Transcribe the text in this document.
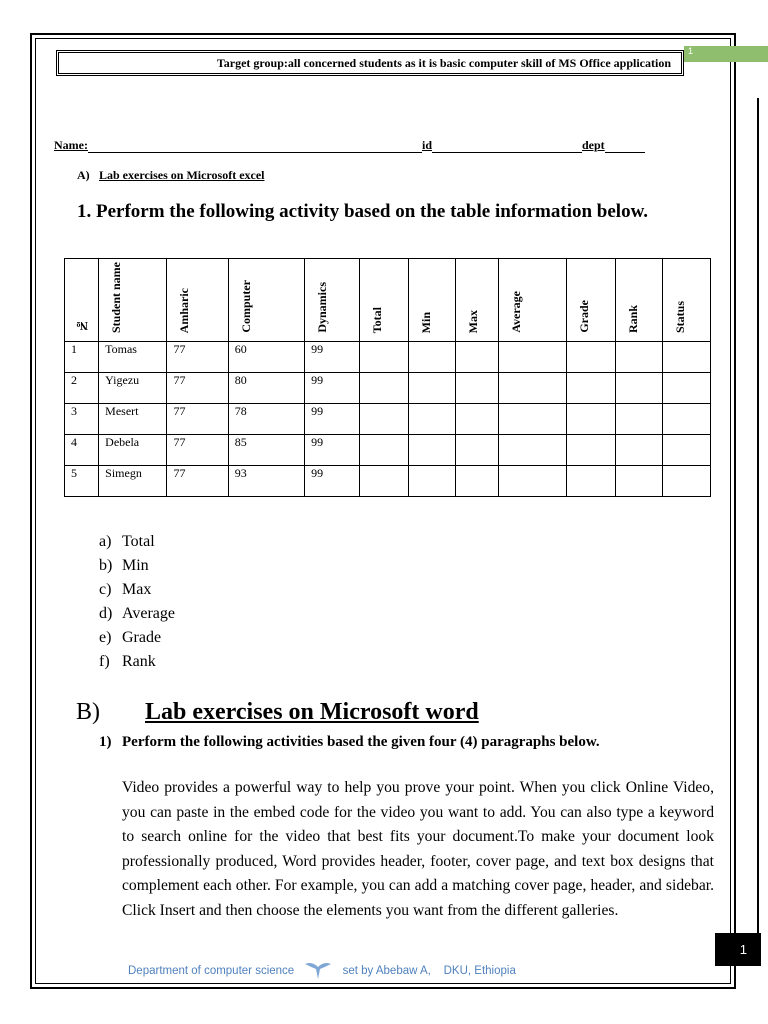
Target group:all concerned students as it is basic computer skill of MS Office application
1
Name:	id	dept
A) Lab exercises on Microsoft excel
1. Perform the following activity based on the table information below.
№	Student name	Amharic	Computer	Dynamics	Total	Min	Max	Average	Grade	Rank	Status
1	Tomas	77	60	99							
2	Yigezu	77	80	99							
3	Mesert	77	78	99							
4	Debela	77	85	99							
5	Simegn	77	93	99							
a) Total
b) Min
c) Max
d) Average
e) Grade
f) Rank
B) Lab exercises on Microsoft word
1) Perform the following activities based the given four (4) paragraphs below.
Video provides a powerful way to help you prove your point. When you click Online Video, you can paste in the embed code for the video you want to add. You can also type a keyword to search online for the video that best fits your document.To make your document look professionally produced, Word provides header, footer, cover page, and text box designs that complement each other. For example, you can add a matching cover page, header, and sidebar. Click Insert and then choose the elements you want from the different galleries.
Department of computer science	set by Abebaw A, DKU, Ethiopia
1
